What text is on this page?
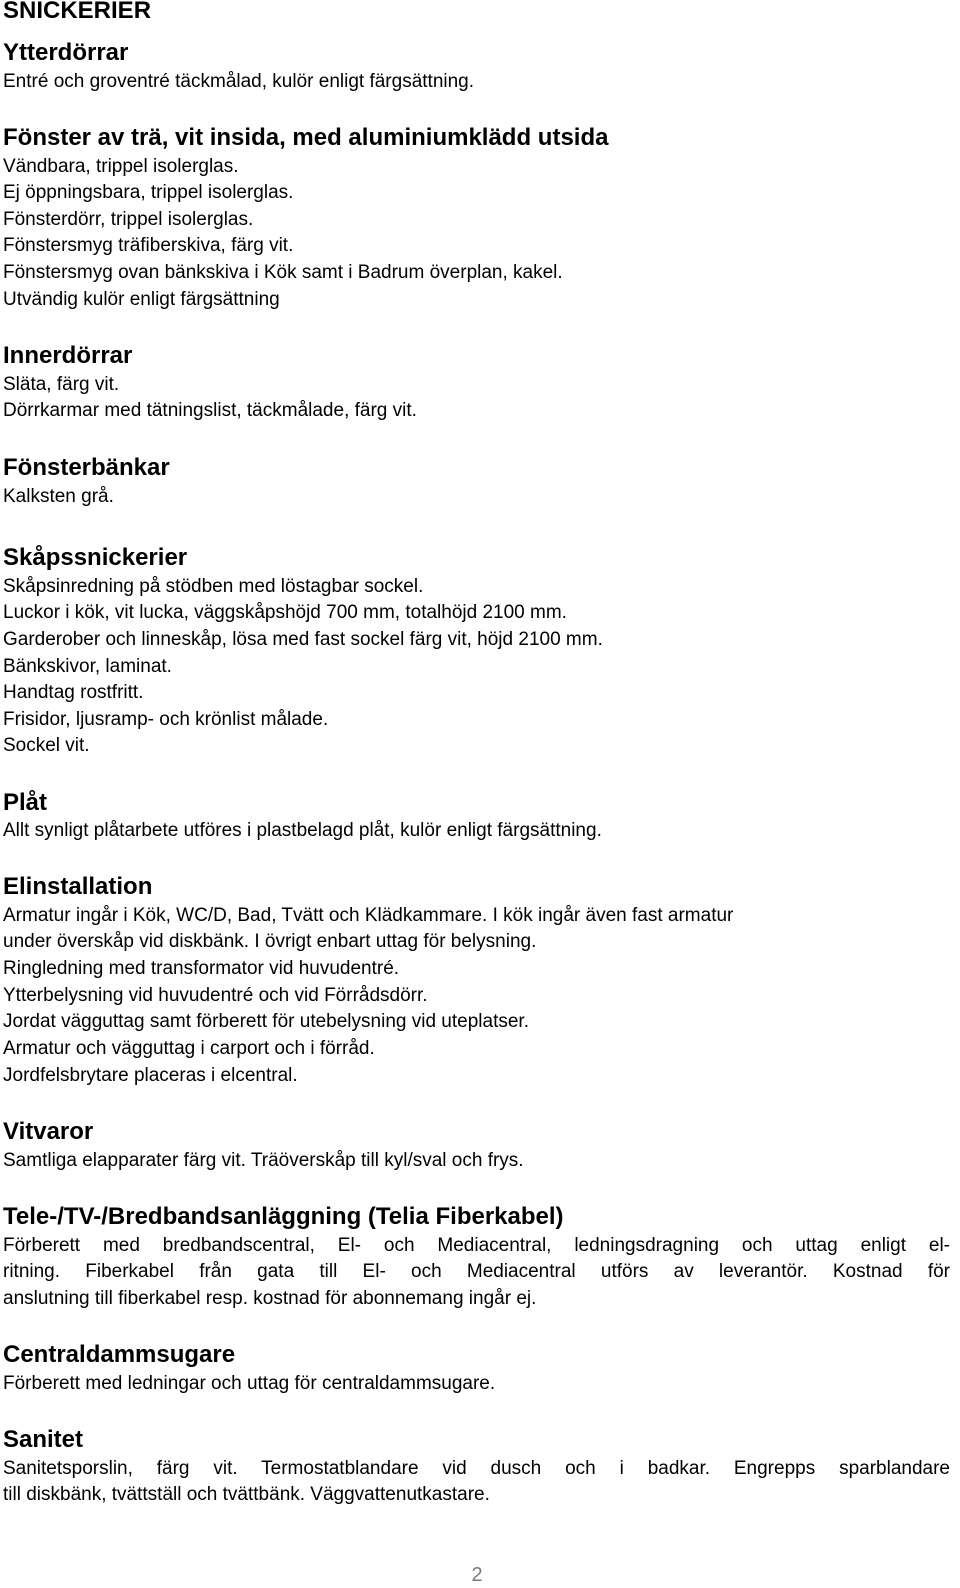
SNICKERIER
Ytterdörrar
Entré och groventré täckmålad, kulör enligt färgsättning.
Fönster av trä, vit insida, med aluminiumklädd utsida
Vändbara, trippel isolerglas.
Ej öppningsbara, trippel isolerglas.
Fönsterdörr, trippel isolerglas.
Fönstersmyg träfiberskiva, färg vit.
Fönstersmyg ovan bänkskiva i Kök samt i Badrum överplan, kakel.
Utvändig kulör enligt färgsättning
Innerdörrar
Släta, färg vit.
Dörrkarmar med tätningslist, täckmålade, färg vit.
Fönsterbänkar
Kalksten grå.
Skåpssnickerier
Skåpsinredning på stödben med löstagbar sockel.
Luckor i kök, vit lucka, väggskåpshöjd 700 mm, totalhöjd 2100 mm.
Garderober och linneskåp, lösa med fast sockel färg vit, höjd 2100 mm.
Bänkskivor, laminat.
Handtag rostfritt.
Frisidor, ljusramp- och krönlist målade.
Sockel vit.
Plåt
Allt synligt plåtarbete utföres i plastbelagd plåt, kulör enligt färgsättning.
Elinstallation
Armatur ingår i Kök, WC/D, Bad, Tvätt och Klädkammare. I kök ingår även fast armatur
under överskåp vid diskbänk. I övrigt enbart uttag för belysning.
Ringledning med transformator vid huvudentré.
Ytterbelysning vid huvudentré och vid Förrådsdörr.
Jordat vägguttag samt förberett för utebelysning vid uteplatser.
Armatur och vägguttag i carport och i förråd.
Jordfelsbrytare placeras i elcentral.
Vitvaror
Samtliga elapparater färg vit. Träöverskåp till kyl/sval och frys.
Tele-/TV-/Bredbandsanläggning (Telia Fiberkabel)
Förberett med bredbandscentral, El- och Mediacentral, ledningsdragning och uttag enligt el-
ritning. Fiberkabel från gata till El- och Mediacentral utförs av leverantör. Kostnad för
anslutning till fiberkabel resp. kostnad för abonnemang ingår ej.
Centraldammsugare
Förberett med ledningar och uttag för centraldammsugare.
Sanitet
Sanitetsporslin, färg vit. Termostatblandare vid dusch och i badkar. Engrepps sparblandare
till diskbänk, tvättställ och tvättbänk. Väggvattenutkastare.
2
